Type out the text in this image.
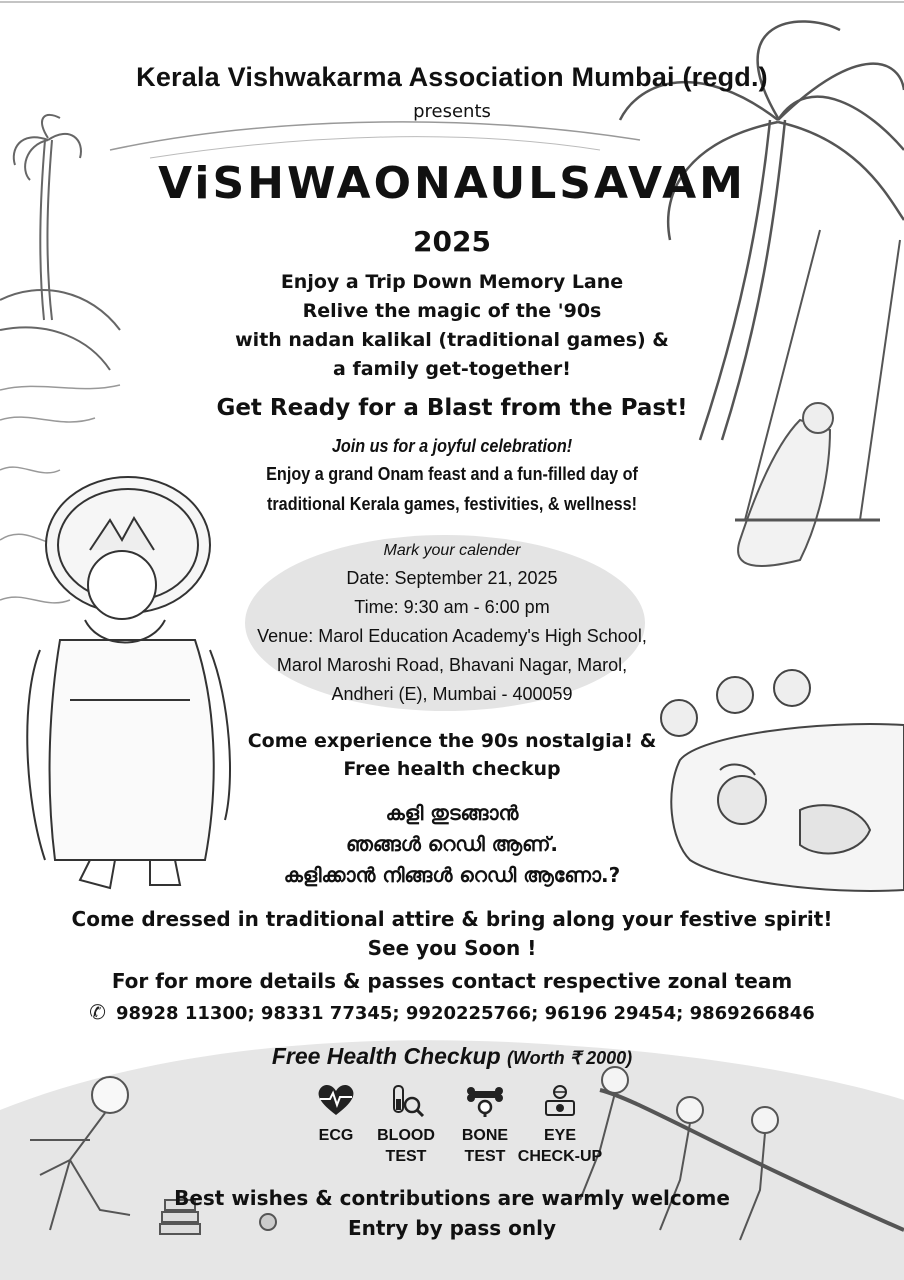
Kerala Vishwakarma Association Mumbai (regd.)
presents
ViSHWAONAULSAVAM
2025
Enjoy a Trip Down Memory Lane
Relive the magic of the '90s
with nadan kalikal (traditional games) &
a family get-together!
Get Ready for a Blast from the Past!
Join us for a joyful celebration!
Enjoy a grand Onam feast and a fun-filled day of
traditional Kerala games, festivities, & wellness!
Mark your calender
Date: September 21, 2025
Time: 9:30 am - 6:00 pm
Venue: Marol Education Academy's High School,
Marol Maroshi Road, Bhavani Nagar, Marol,
Andheri (E), Mumbai - 400059
Come experience the 90s nostalgia! &
Free health checkup
കളി തുടങ്ങാൻ
ഞങ്ങൾ റെഡി ആണ്.
കളിക്കാൻ നിങ്ങൾ റെഡി ആണോ.?
Come dressed in traditional attire & bring along your festive spirit!
See you Soon !
For for more details & passes contact respective zonal team
✆ 98928 11300; 98331 77345; 9920225766; 96196 29454; 9869266846
Free Health Checkup (Worth ₹ 2000)
ECG	BLOOD TEST
BONE TEST
EYE CHECK-UP
Best wishes & contributions are warmly welcome
Entry by pass only
